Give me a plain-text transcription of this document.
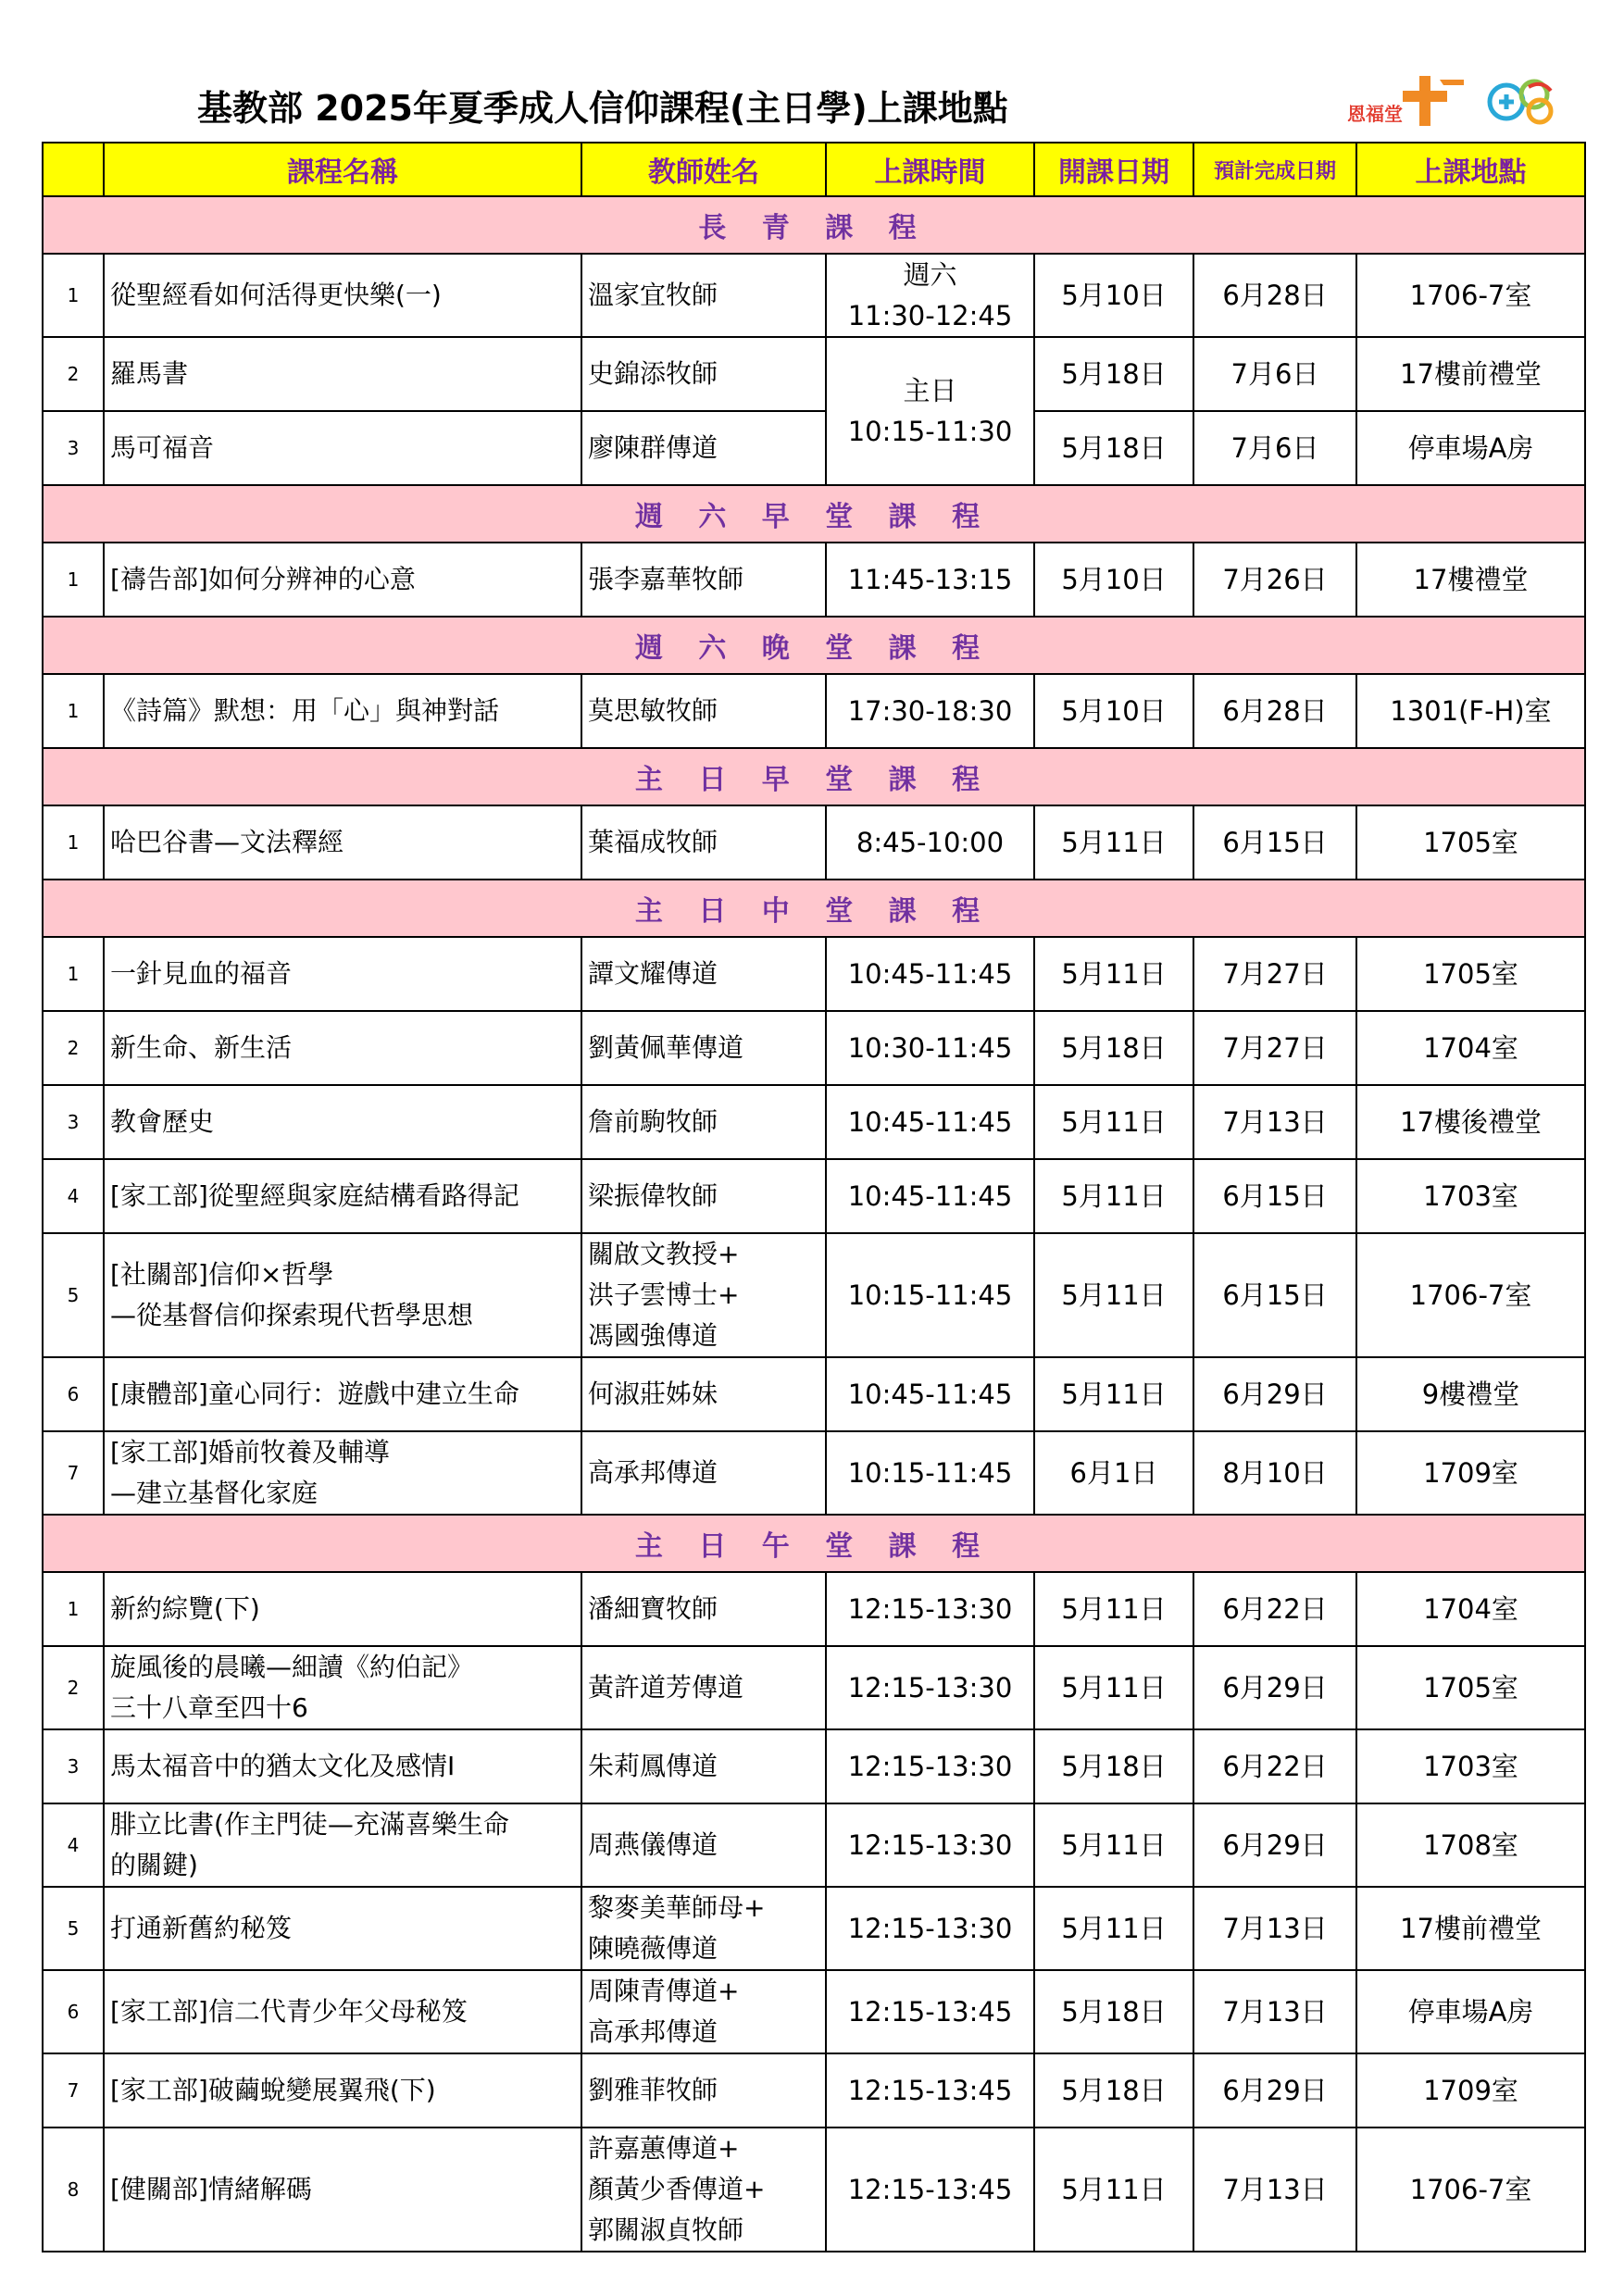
基教部 2025年夏季成人信仰課程(主日學)上課地點	恩福堂
	課程名稱	教師姓名	上課時間	開課日期	預計完成日期	上課地點
長 青 課 程						
1	從聖經看如何活得更快樂(一)	溫家宜牧師	週六
11:30-12:45	5月10日	6月28日	1706-7室
2	羅馬書	史錦添牧師	主日
10:15-11:30	5月18日	7月6日	17樓前禮堂
3	馬可福音	廖陳群傳道		5月18日	7月6日	停車場A房
週 六 早 堂 課 程						
1	[禱告部]如何分辨神的心意	張李嘉華牧師	11:45-13:15	5月10日	7月26日	17樓禮堂
週 六 晚 堂 課 程						
1	《詩篇》默想：用「心」與神對話	莫思敏牧師	17:30-18:30	5月10日	6月28日	1301(F-H)室
主 日 早 堂 課 程						
1	哈巴谷書—文法釋經	葉福成牧師	8:45-10:00	5月11日	6月15日	1705室
主 日 中 堂 課 程						
1	一針見血的福音	譚文耀傳道	10:45-11:45	5月11日	7月27日	1705室
2	新生命、新生活	劉黃佩華傳道	10:30-11:45	5月18日	7月27日	1704室
3	教會歷史	詹前駒牧師	10:45-11:45	5月11日	7月13日	17樓後禮堂
4	[家工部]從聖經與家庭結構看路得記	梁振偉牧師	10:45-11:45	5月11日	6月15日	1703室
5	[社關部]信仰×哲學
—從基督信仰探索現代哲學思想	關啟文教授+
洪子雲博士+
馮國強傳道	10:15-11:45	5月11日	6月15日	1706-7室
6	[康體部]童心同行：遊戲中建立生命	何淑莊姊妹	10:45-11:45	5月11日	6月29日	9樓禮堂
7	[家工部]婚前牧養及輔導
—建立基督化家庭	高承邦傳道	10:15-11:45	6月1日	8月10日	1709室
主 日 午 堂 課 程						
1	新約綜覽(下)	潘細寶牧師	12:15-13:30	5月11日	6月22日	1704室
2	旋風後的晨曦—細讀《約伯記》
三十八章至四十6	黃許道芳傳道	12:15-13:30	5月11日	6月29日	1705室
3	馬太福音中的猶太文化及感情Ⅰ	朱莉鳳傳道	12:15-13:30	5月18日	6月22日	1703室
4	腓立比書(作主門徒—充滿喜樂生命
的關鍵)	周燕儀傳道	12:15-13:30	5月11日	6月29日	1708室
5	打通新舊約秘笈	黎麥美華師母+
陳曉薇傳道	12:15-13:30	5月11日	7月13日	17樓前禮堂
6	[家工部]信二代青少年父母秘笈	周陳青傳道+
高承邦傳道	12:15-13:45	5月18日	7月13日	停車場A房
7	[家工部]破繭蛻變展翼飛(下)	劉雅菲牧師	12:15-13:45	5月18日	6月29日	1709室
8	[健關部]情緒解碼	許嘉蕙傳道+
顏黃少香傳道+
郭關淑貞牧師	12:15-13:45	5月11日	7月13日	1706-7室
